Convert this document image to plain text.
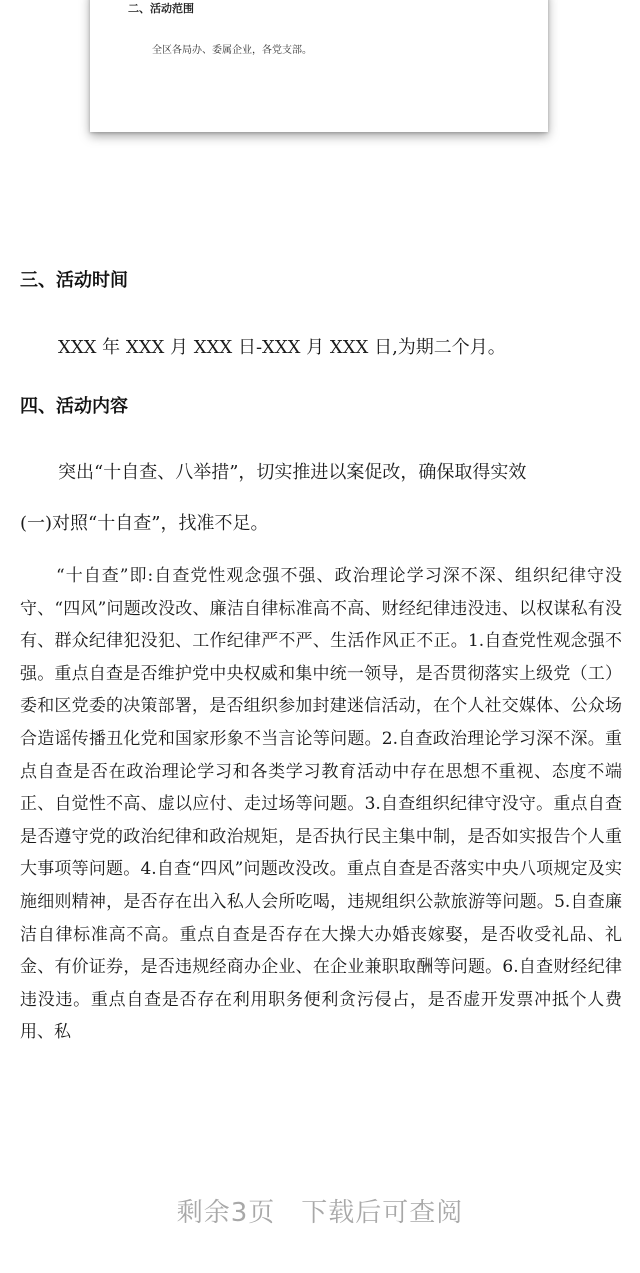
二、活动范围
全区各局办、委属企业，各党支部。
三、活动时间
XXX 年 XXX 月 XXX 日-XXX 月 XXX 日,为期二个月。
四、活动内容
突出“十自查、八举措”，切实推进以案促改，确保取得实效
(一)对照“十自查”，找准不足。
“十自查”即:自查党性观念强不强、政治理论学习深不深、组织纪律守没守、“四风”问题改没改、廉洁自律标准高不高、财经纪律违没违、以权谋私有没有、群众纪律犯没犯、工作纪律严不严、生活作风正不正。1.自查党性观念强不强。重点自查是否维护党中央权威和集中统一领导，是否贯彻落实上级党（工）委和区党委的决策部署，是否组织参加封建迷信活动，在个人社交媒体、公众场合造谣传播丑化党和国家形象不当言论等问题。2.自查政治理论学习深不深。重点自查是否在政治理论学习和各类学习教育活动中存在思想不重视、态度不端正、自觉性不高、虚以应付、走过场等问题。3.自查组织纪律守没守。重点自查是否遵守党的政治纪律和政治规矩，是否执行民主集中制，是否如实报告个人重大事项等问题。4.自查“四风”问题改没改。重点自查是否落实中央八项规定及实施细则精神，是否存在出入私人会所吃喝，违规组织公款旅游等问题。5.自查廉洁自律标准高不高。重点自查是否存在大操大办婚丧嫁娶，是否收受礼品、礼金、有价证券，是否违规经商办企业、在企业兼职取酬等问题。6.自查财经纪律违没违。重点自查是否存在利用职务便利贪污侵占，是否虚开发票冲抵个人费用、私
剩余3页 下载后可查阅
